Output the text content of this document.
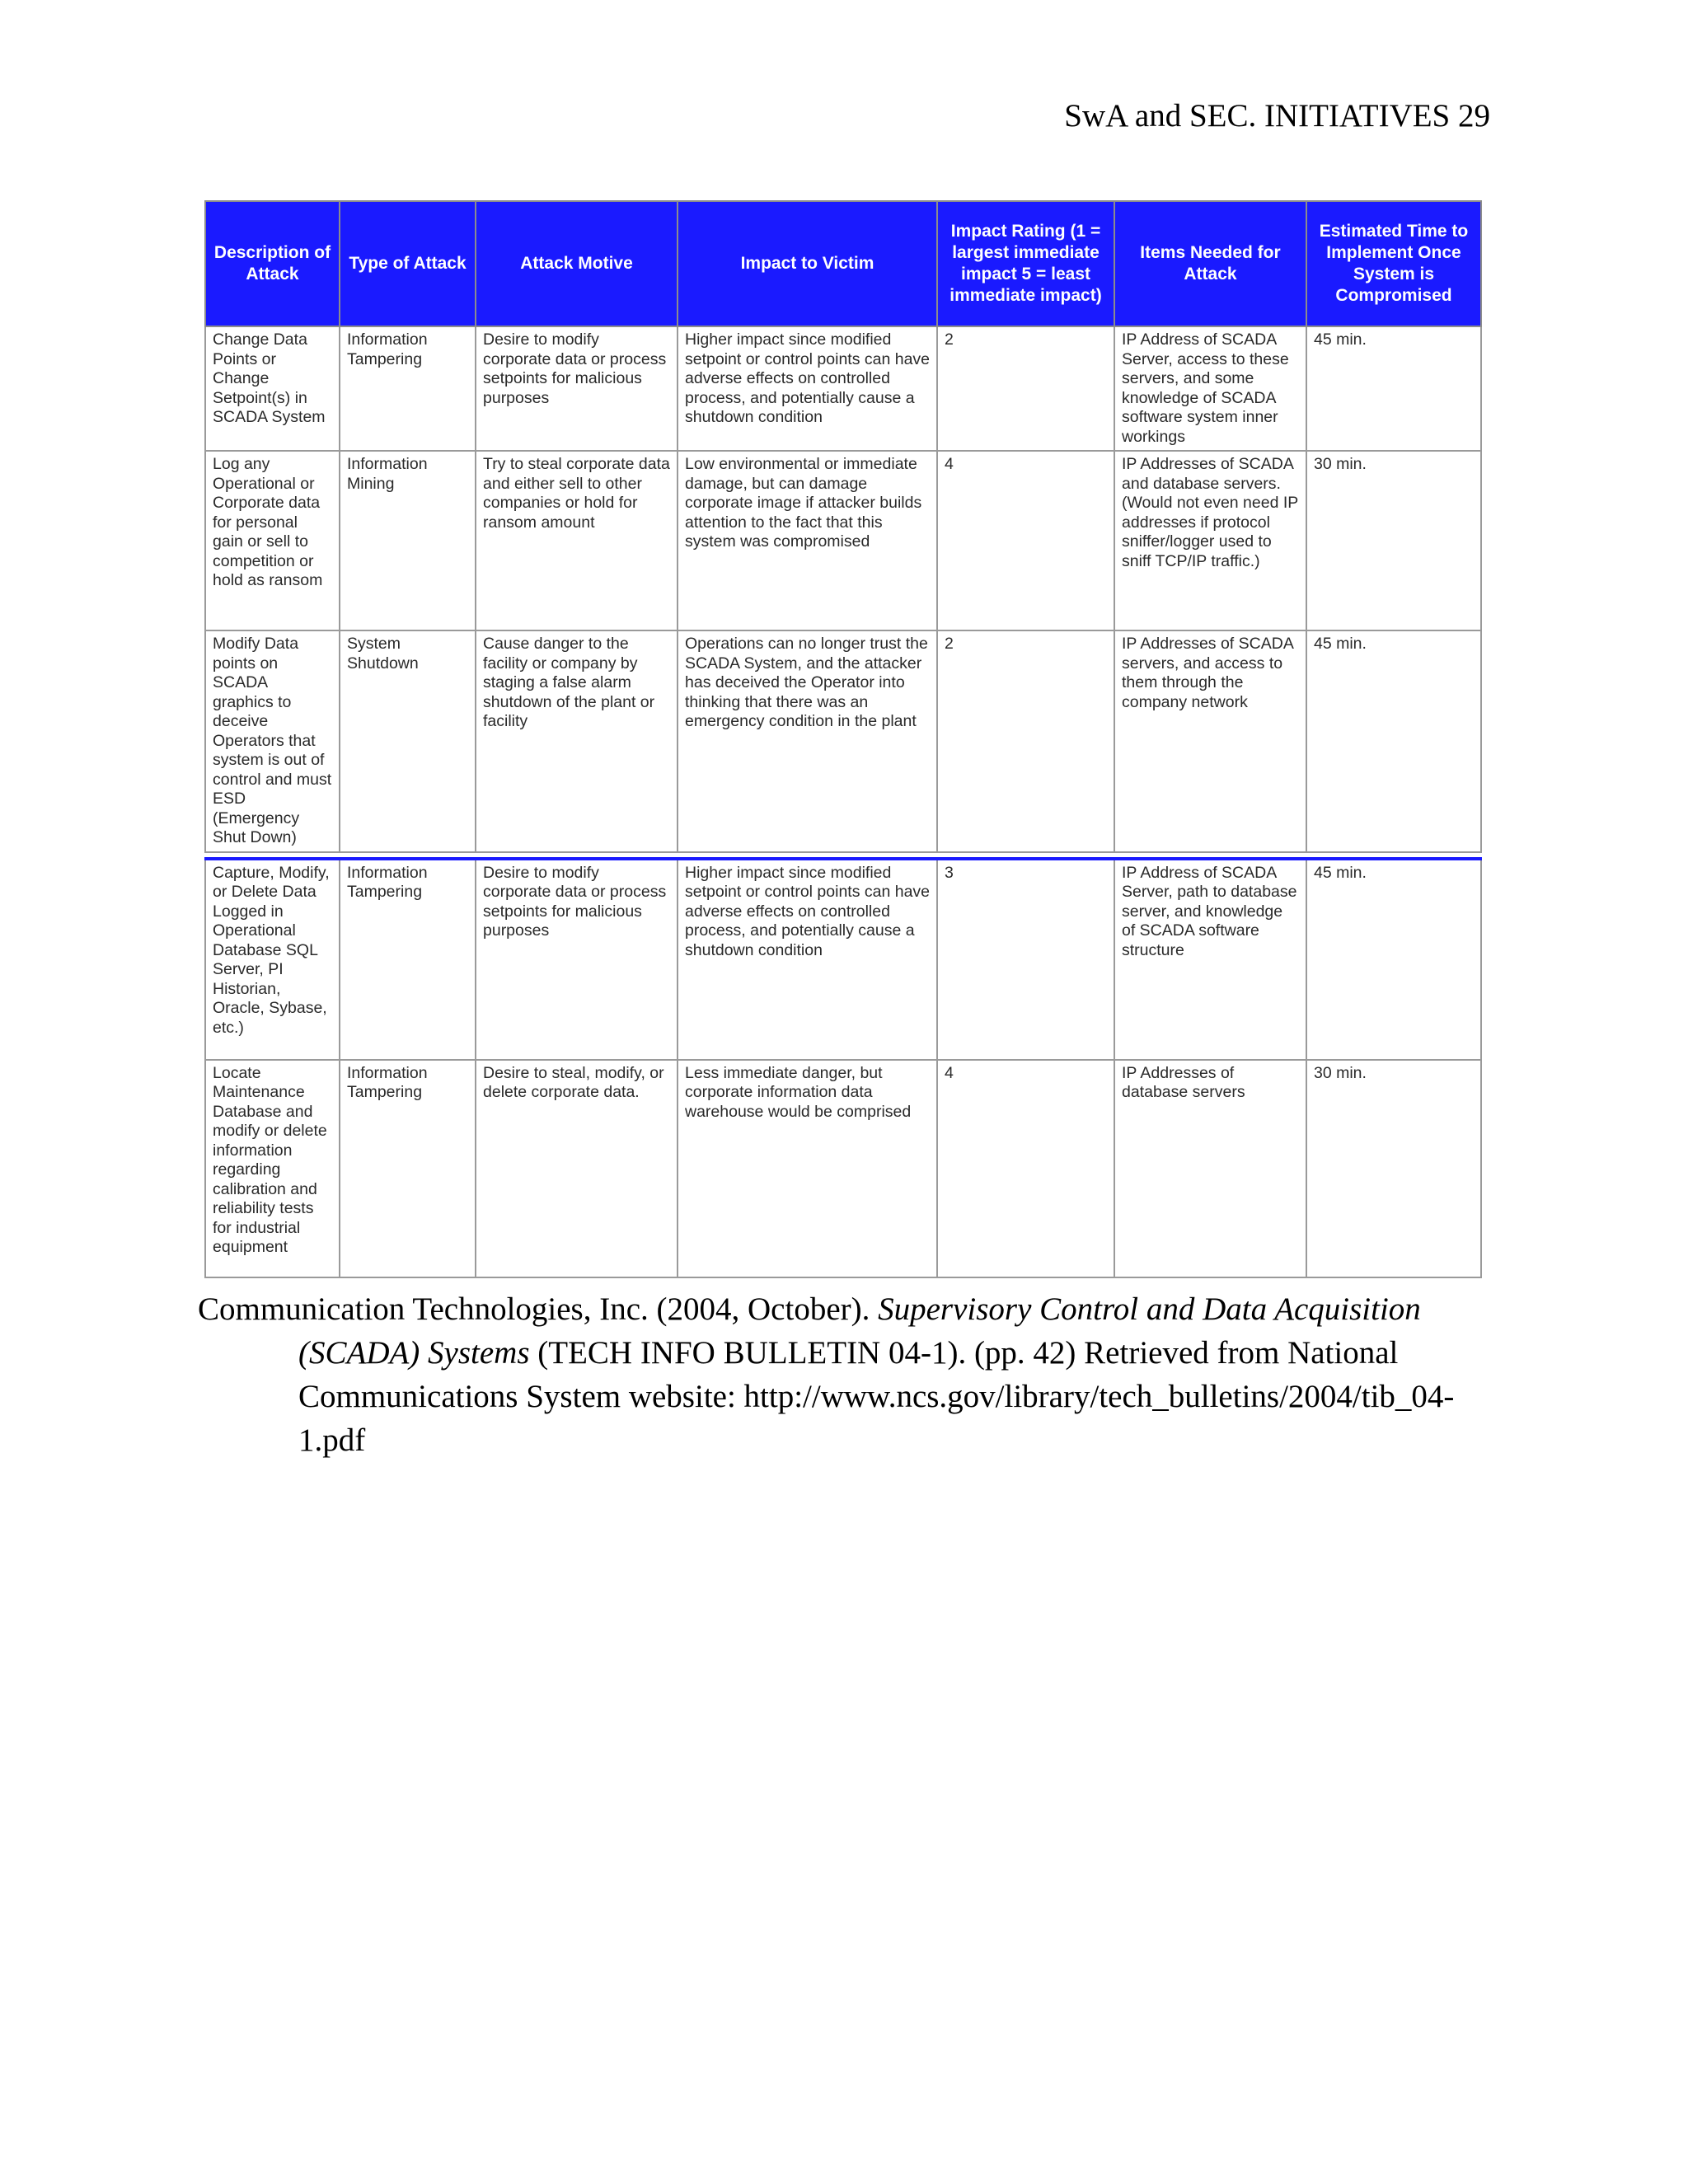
SwA and SEC. INITIATIVES 29
Description of Attack	Type of Attack	Attack Motive	Impact to Victim	Impact Rating (1 = largest immediate impact 5 = least immediate impact)	Items Needed for Attack	Estimated Time to Implement Once System is Compromised
Change Data Points or Change Setpoint(s) in SCADA System	Information Tampering	Desire to modify corporate data or process setpoints for malicious purposes	Higher impact since modified setpoint or control points can have adverse effects on controlled process, and potentially cause a shutdown condition	2	IP Address of SCADA Server, access to these servers, and some knowledge of SCADA software system inner workings	45 min.
Log any Operational or Corporate data for personal gain or sell to competition or hold as ransom	Information Mining	Try to steal corporate data and either sell to other companies or hold for ransom amount	Low environmental or immediate damage, but can damage corporate image if attacker builds attention to the fact that this system was compromised	4	IP Addresses of SCADA and database servers. (Would not even need IP addresses if protocol sniffer/logger used to sniff TCP/IP traffic.)	30 min.
Modify Data points on SCADA graphics to deceive Operators that system is out of control and must ESD (Emergency Shut Down)	System Shutdown	Cause danger to the facility or company by staging a false alarm shutdown of the plant or facility	Operations can no longer trust the SCADA System, and the attacker has deceived the Operator into thinking that there was an emergency condition in the plant	2	IP Addresses of SCADA servers, and access to them through the company network	45 min.

Capture, Modify, or Delete Data Logged in Operational Database SQL Server, PI Historian, Oracle, Sybase, etc.)	Information Tampering	Desire to modify corporate data or process setpoints for malicious purposes	Higher impact since modified setpoint or control points can have adverse effects on controlled process, and potentially cause a shutdown condition	3	IP Address of SCADA Server, path to database server, and knowledge of SCADA software structure	45 min.
Locate Maintenance Database and modify or delete information regarding calibration and reliability tests for industrial equipment	Information Tampering	Desire to steal, modify, or delete corporate data.	Less immediate danger, but corporate information data warehouse would be comprised	4	IP Addresses of database servers	30 min.

Communication Technologies, Inc. (2004, October). Supervisory Control and Data Acquisition (SCADA) Systems (TECH INFO BULLETIN 04-1). (pp. 42) Retrieved from National Communications System website: http://www.ncs.gov/library/tech_bulletins/2004/tib_04-1.pdf
